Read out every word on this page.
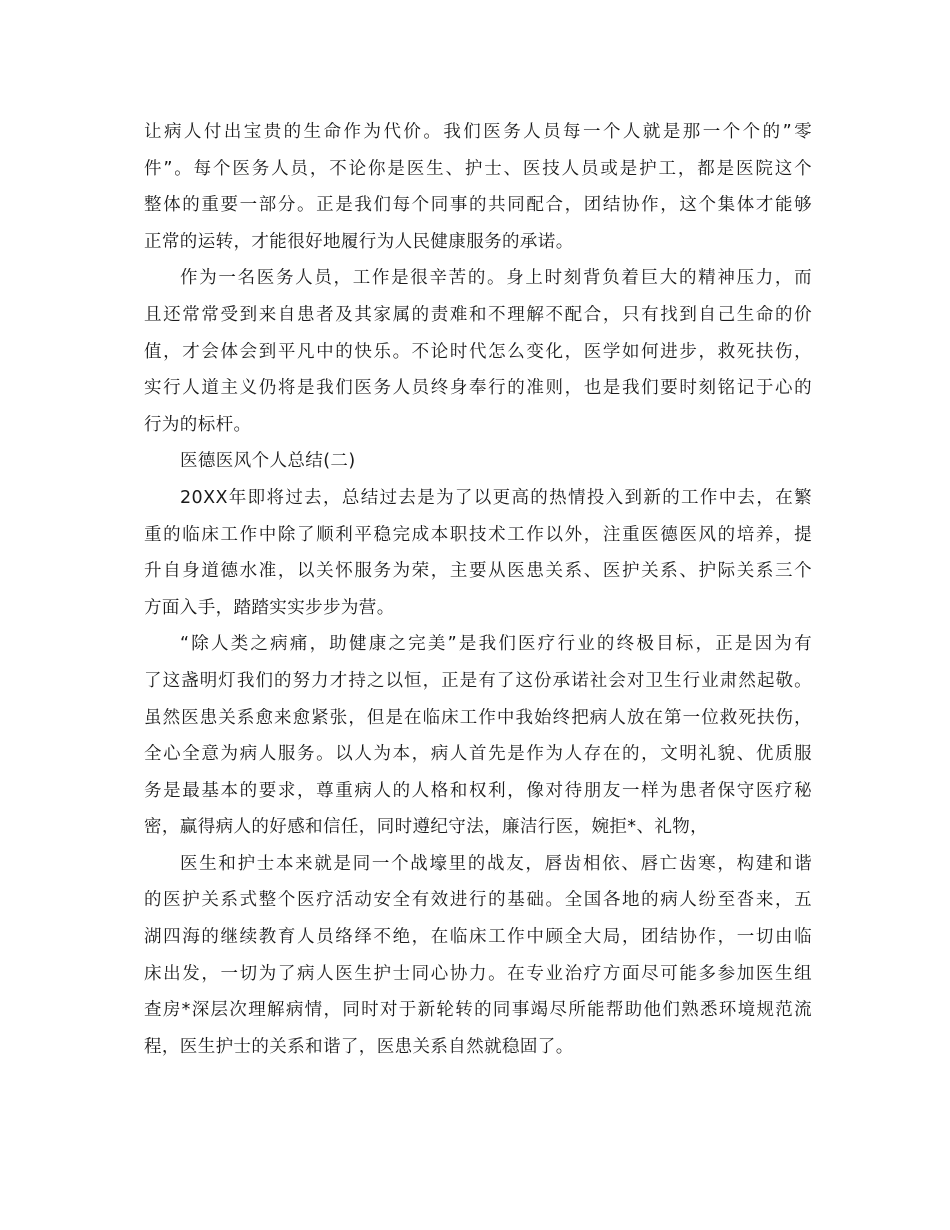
让病人付出宝贵的生命作为代价。我们医务人员每一个人就是那一个个的”零
件”。每个医务人员，不论你是医生、护士、医技人员或是护工，都是医院这个
整体的重要一部分。正是我们每个同事的共同配合，团结协作，这个集体才能够
正常的运转，才能很好地履行为人民健康服务的承诺。
作为一名医务人员，工作是很辛苦的。身上时刻背负着巨大的精神压力，而
且还常常受到来自患者及其家属的责难和不理解不配合，只有找到自己生命的价
值，才会体会到平凡中的快乐。不论时代怎么变化，医学如何进步，救死扶伤，
实行人道主义仍将是我们医务人员终身奉行的准则，也是我们要时刻铭记于心的
行为的标杆。
医德医风个人总结(二)
20XX年即将过去，总结过去是为了以更高的热情投入到新的工作中去，在繁
重的临床工作中除了顺利平稳完成本职技术工作以外，注重医德医风的培养，提
升自身道德水准，以关怀服务为荣，主要从医患关系、医护关系、护际关系三个
方面入手，踏踏实实步步为营。
“除人类之病痛，助健康之完美”是我们医疗行业的终极目标，正是因为有
了这盏明灯我们的努力才持之以恒，正是有了这份承诺社会对卫生行业肃然起敬。
虽然医患关系愈来愈紧张，但是在临床工作中我始终把病人放在第一位救死扶伤，
全心全意为病人服务。以人为本，病人首先是作为人存在的，文明礼貌、优质服
务是最基本的要求，尊重病人的人格和权利，像对待朋友一样为患者保守医疗秘
密，赢得病人的好感和信任，同时遵纪守法，廉洁行医，婉拒*、礼物，
医生和护士本来就是同一个战壕里的战友，唇齿相依、唇亡齿寒，构建和谐
的医护关系式整个医疗活动安全有效进行的基础。全国各地的病人纷至沓来，五
湖四海的继续教育人员络绎不绝，在临床工作中顾全大局，团结协作，一切由临
床出发，一切为了病人医生护士同心协力。在专业治疗方面尽可能多参加医生组
查房*深层次理解病情，同时对于新轮转的同事竭尽所能帮助他们熟悉环境规范流
程，医生护士的关系和谐了，医患关系自然就稳固了。
